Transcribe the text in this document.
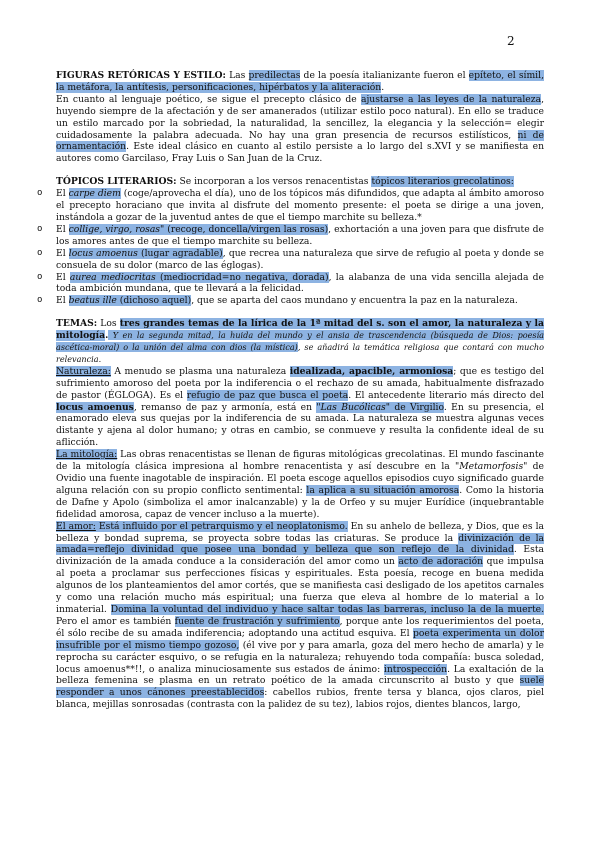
2

FIGURAS RETÓRICAS Y ESTILO: Las predilectas de la poesía italianizante fueron el epíteto, el símil, la metáfora, la antítesis, personificaciones, hipérbatos y la aliteración.

En cuanto al lenguaje poético, se sigue el precepto clásico de ajustarse a las leyes de la naturaleza, huyendo siempre de la afectación y de ser amanerados (utilizar estilo poco natural). En ello se traduce un estilo marcado por la sobriedad, la naturalidad, la sencillez, la elegancia y la selección= elegir cuidadosamente la palabra adecuada. No hay una gran presencia de recursos estilísticos, ni de ornamentación. Este ideal clásico en cuanto al estilo persiste a lo largo del s.XVI y se manifiesta en autores como Garcilaso, Fray Luis o San Juan de la Cruz.

TÓPICOS LITERARIOS: Se incorporan a los versos renacentistas tópicos literarios grecolatinos:

o El carpe diem (coge/aprovecha el día), uno de los tópicos más difundidos, que adapta al ámbito amoroso el precepto horaciano que invita al disfrute del momento presente: el poeta se dirige a una joven, instándola a gozar de la juventud antes de que el tiempo marchite su belleza.*
o El collige, virgo, rosas" (recoge, doncella/virgen las rosas), exhortación a una joven para que disfrute de los amores antes de que el tiempo marchite su belleza.
o El locus amoenus (lugar agradable), que recrea una naturaleza que sirve de refugio al poeta y donde se consuela de su dolor (marco de las églogas).
o El aurea mediocritas (mediocridad=no negativa, dorada), la alabanza de una vida sencilla alejada de toda ambición mundana, que te llevará a la felicidad.
o El beatus ille (dichoso aquel), que se aparta del caos mundano y encuentra la paz en la naturaleza.

TEMAS: Los tres grandes temas de la lírica de la 1ª mitad del s. son el amor, la naturaleza y la mitología. Y en la segunda mitad, la huida del mundo y el ansia de trascendencia (búsqueda de Dios: poesía ascética-moral) o la unión del alma con dios (la mística), se añadirá la temática religiosa que contará con mucho relevancia.

Naturaleza: A menudo se plasma una naturaleza idealizada, apacible, armoniosa; que es testigo del sufrimiento amoroso del poeta por la indiferencia o el rechazo de su amada, habitualmente disfrazado de pastor (ÉGLOGA). Es el refugio de paz que busca el poeta. El antecedente literario más directo del locus amoenus, remanso de paz y armonía, está en "Las Bucólicas" de Virgilio. En su presencia, el enamorado eleva sus quejas por la indiferencia de su amada. La naturaleza se muestra algunas veces distante y ajena al dolor humano; y otras en cambio, se conmueve y resulta la confidente ideal de su aflicción.

La mitología: Las obras renacentistas se llenan de figuras mitológicas grecolatinas. El mundo fascinante de la mitología clásica impresiona al hombre renacentista y así descubre en la "Metamorfosis" de Ovidio una fuente inagotable de inspiración. El poeta escoge aquellos episodios cuyo significado guarde alguna relación con su propio conflicto sentimental: la aplica a su situación amorosa. Como la historia de Dafne y Apolo (simboliza el amor inalcanzable) y la de Orfeo y su mujer Eurídice (inquebrantable fidelidad amorosa, capaz de vencer incluso a la muerte).

El amor: Está influido por el petrarquismo y el neoplatonismo. En su anhelo de belleza, y Dios, que es la belleza y bondad suprema, se proyecta sobre todas las criaturas. Se produce la divinización de la amada=reflejo divinidad que posee una bondad y belleza que son reflejo de la divinidad. Esta divinización de la amada conduce a la consideración del amor como un acto de adoración que impulsa al poeta a proclamar sus perfecciones físicas y espirituales. Esta poesía, recoge en buena medida algunos de los planteamientos del amor cortés, que se manifiesta casi desligado de los apetitos carnales y como una relación mucho más espiritual; una fuerza que eleva al hombre de lo material a lo inmaterial. Domina la voluntad del individuo y hace saltar todas las barreras, incluso la de la muerte. Pero el amor es también fuente de frustración y sufrimiento, porque ante los requerimientos del poeta, él sólo recibe de su amada indiferencia; adoptando una actitud esquiva. El poeta experimenta un dolor insufrible por el mismo tiempo gozoso, (él vive por y para amarla, goza del mero hecho de amarla) y le reprocha su carácter esquivo, o se refugia en la naturaleza; rehuyendo toda compañía: busca soledad, locus amoenus**!!, o analiza minuciosamente sus estados de ánimo: introspección. La exaltación de la belleza femenina se plasma en un retrato poético de la amada circunscrito al busto y que suele responder a unos cánones preestablecidos: cabellos rubios, frente tersa y blanca, ojos claros, piel blanca, mejillas sonrosadas (contrasta con la palidez de su tez), labios rojos, dientes blancos, largo,
